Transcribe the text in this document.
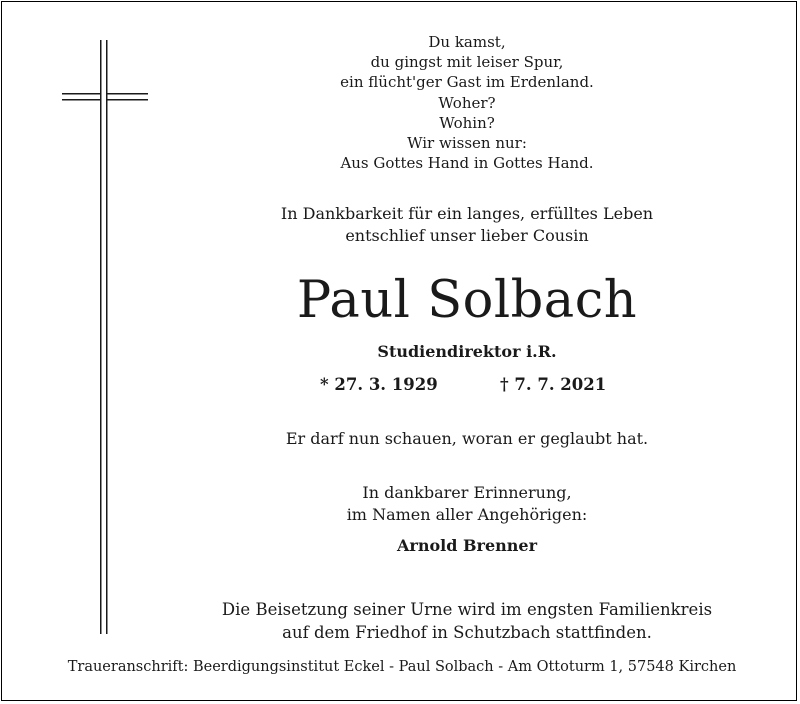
Du kamst,
du gingst mit leiser Spur,
ein flücht'ger Gast im Erdenland.
Woher?
Wohin?
Wir wissen nur:
Aus Gottes Hand in Gottes Hand.
In Dankbarkeit für ein langes, erfülltes Leben
entschlief unser lieber Cousin
Paul Solbach
Studiendirektor i.R.
* 27. 3. 1929	† 7. 7. 2021
Er darf nun schauen, woran er geglaubt hat.
In dankbarer Erinnerung,
im Namen aller Angehörigen:
Arnold Brenner
Die Beisetzung seiner Urne wird im engsten Familienkreis
auf dem Friedhof in Schutzbach stattfinden.
Traueranschrift: Beerdigungsinstitut Eckel - Paul Solbach - Am Ottoturm 1, 57548 Kirchen
